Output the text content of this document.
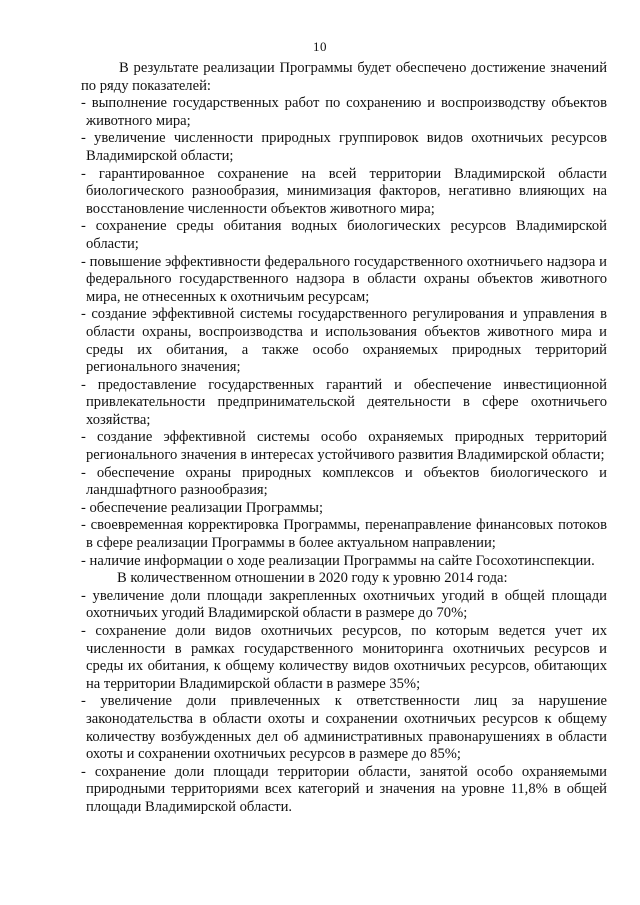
10

В результате реализации Программы будет обеспечено достижение значений по ряду показателей:

- выполнение государственных работ по сохранению и воспроизводству объектов животного мира;

- увеличение численности природных группировок видов охотничьих ресурсов Владимирской области;

- гарантированное сохранение на всей территории Владимирской области биологического разнообразия, минимизация факторов, негативно влияющих на восстановление численности объектов животного мира;

- сохранение среды обитания водных биологических ресурсов Владимирской области;

- повышение эффективности федерального государственного охотничьего надзора и федерального государственного надзора в области охраны объектов животного мира, не отнесенных к охотничьим ресурсам;

- создание эффективной системы государственного регулирования и управления в области охраны, воспроизводства и использования объектов животного мира и среды их обитания, а также особо охраняемых природных территорий регионального значения;

- предоставление государственных гарантий и обеспечение инвестиционной привлекательности предпринимательской деятельности в сфере охотничьего хозяйства;

- создание эффективной системы особо охраняемых природных территорий регионального значения в интересах устойчивого развития Владимирской области;

- обеспечение охраны природных комплексов и объектов биологического и ландшафтного разнообразия;

- обеспечение реализации Программы;

- своевременная корректировка Программы, перенаправление финансовых потоков в сфере реализации Программы в более актуальном направлении;

- наличие информации о ходе реализации Программы на сайте Госохотинспекции.

В количественном отношении в 2020 году к уровню 2014 года:

- увеличение доли площади закрепленных охотничьих угодий в общей площади охотничьих угодий Владимирской области в размере до 70%;

- сохранение доли видов охотничьих ресурсов, по которым ведется учет их численности в рамках государственного мониторинга охотничьих ресурсов и среды их обитания, к общему количеству видов охотничьих ресурсов, обитающих на территории Владимирской области в размере 35%;

- увеличение доли привлеченных к ответственности лиц за нарушение законодательства в области охоты и сохранении охотничьих ресурсов к общему количеству возбужденных дел об административных правонарушениях в области охоты и сохранении охотничьих ресурсов в размере до 85%;

- сохранение доли площади территории области, занятой особо охраняемыми природными территориями всех категорий и значения на уровне 11,8% в общей площади Владимирской области.
